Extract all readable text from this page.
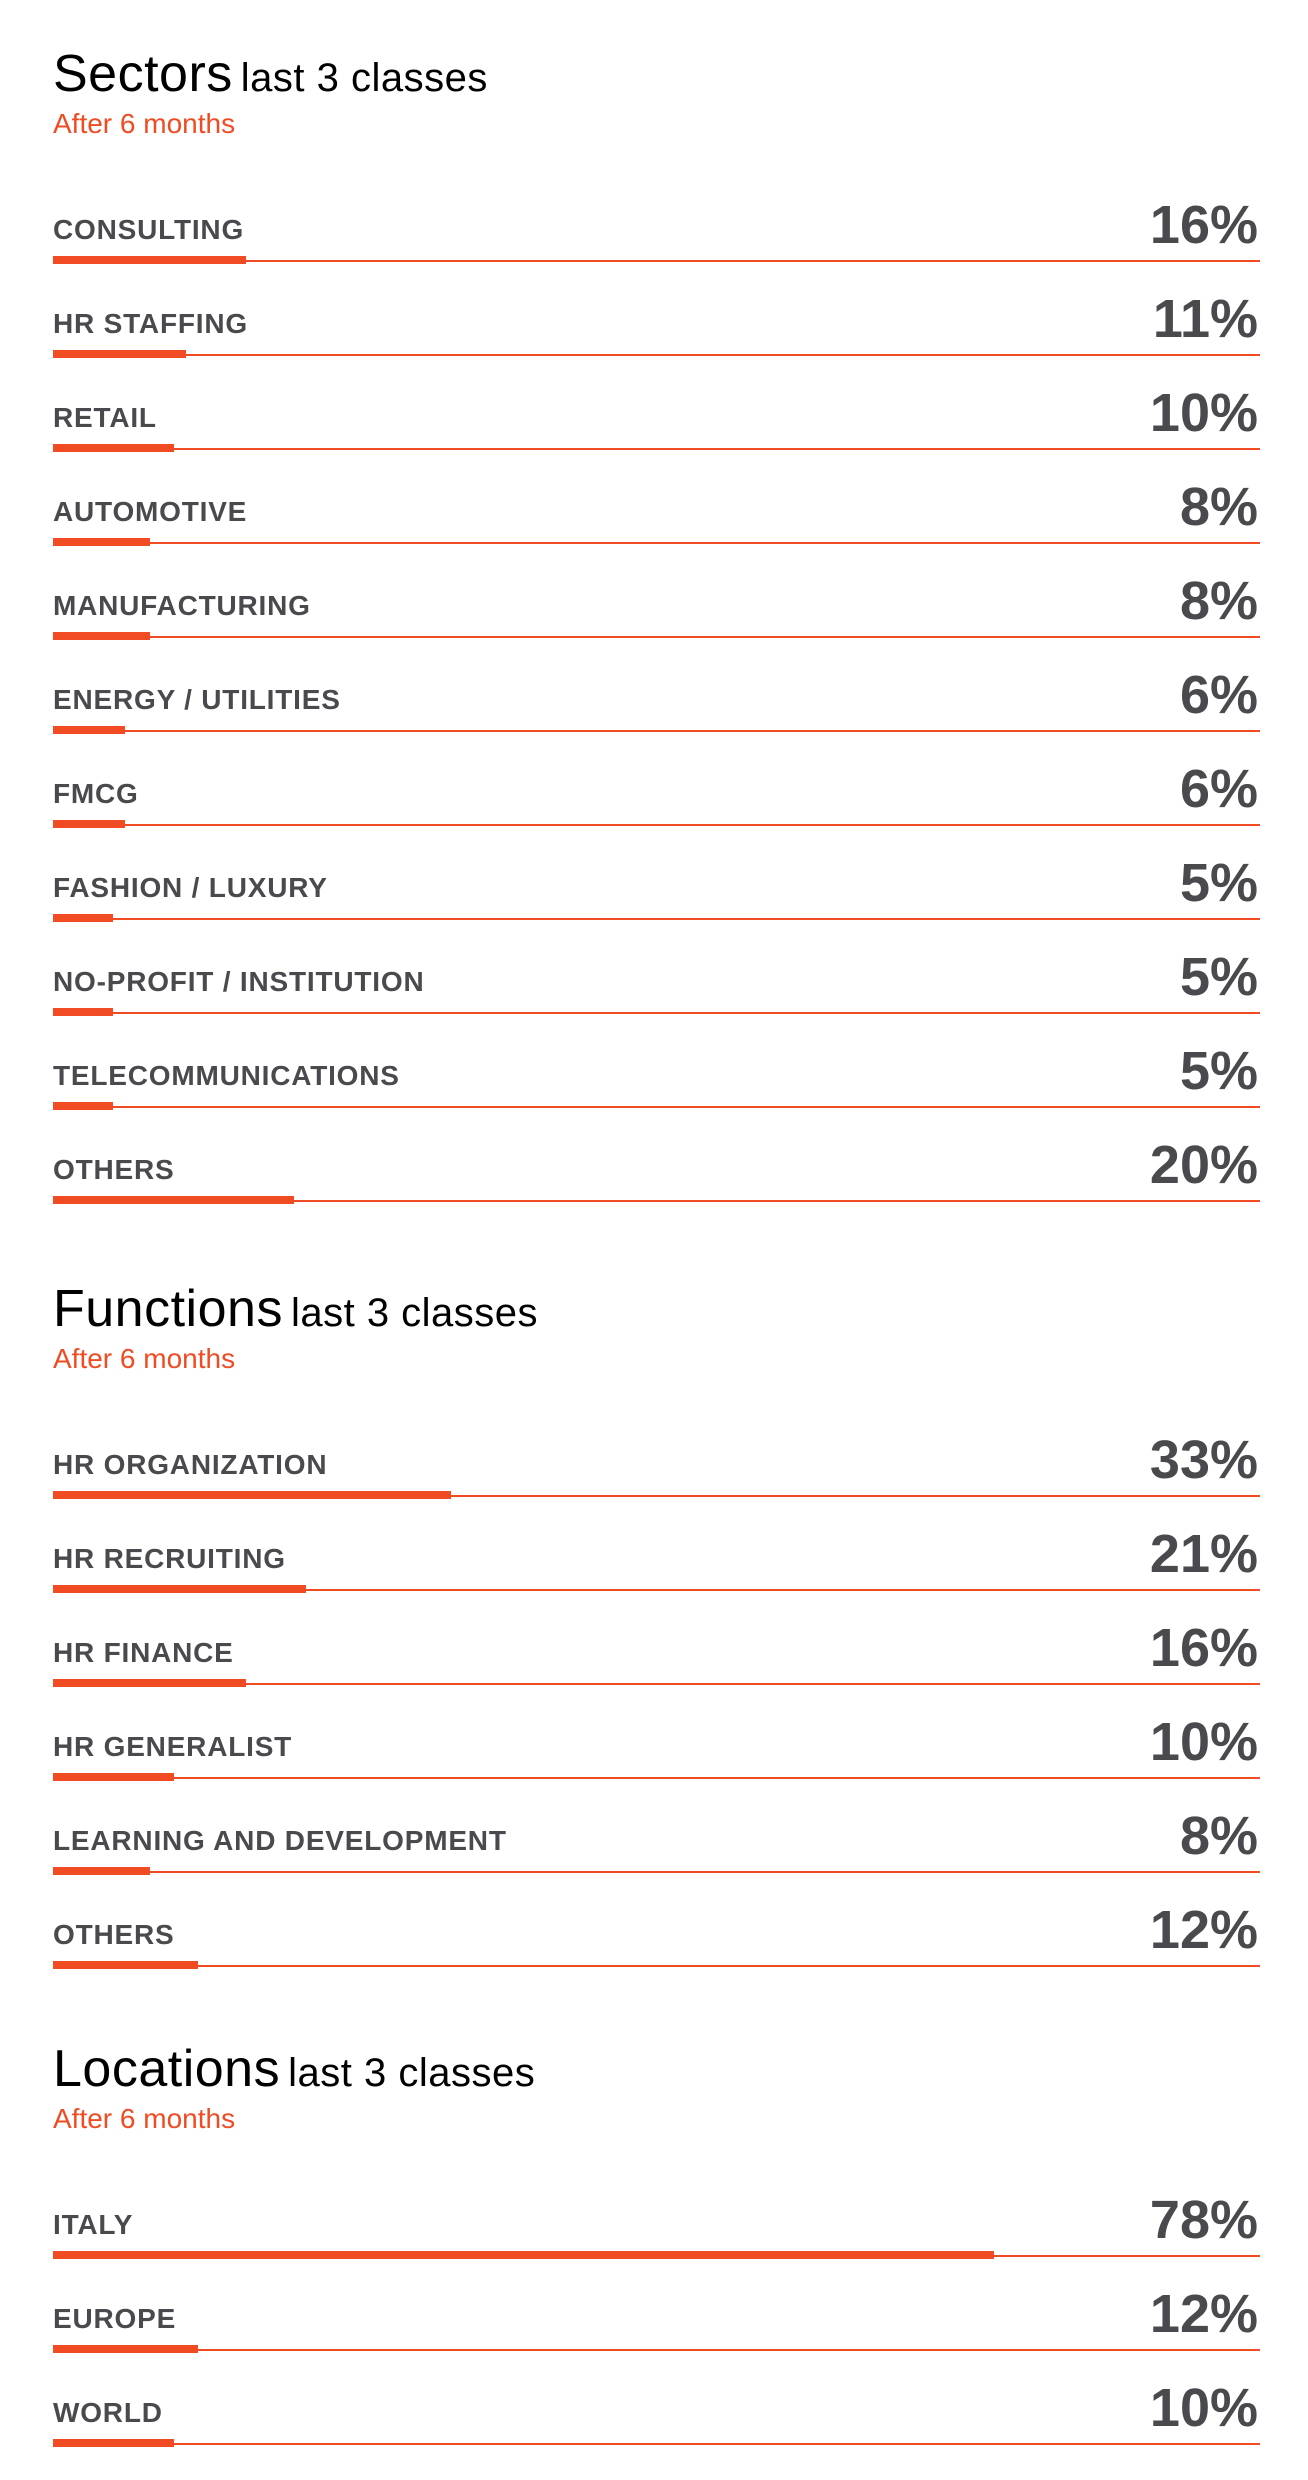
Sectors last 3 classes
After 6 months
CONSULTING	16%
HR STAFFING	11%
RETAIL	10%
AUTOMOTIVE	8%
MANUFACTURING	8%
ENERGY / UTILITIES	6%
FMCG	6%
FASHION / LUXURY	5%
NO-PROFIT / INSTITUTION	5%
TELECOMMUNICATIONS	5%
OTHERS	20%
Functions last 3 classes
After 6 months
HR ORGANIZATION	33%
HR RECRUITING	21%
HR FINANCE	16%
HR GENERALIST	10%
LEARNING AND DEVELOPMENT	8%
OTHERS	12%
Locations last 3 classes
After 6 months
ITALY	78%
EUROPE	12%
WORLD	10%
